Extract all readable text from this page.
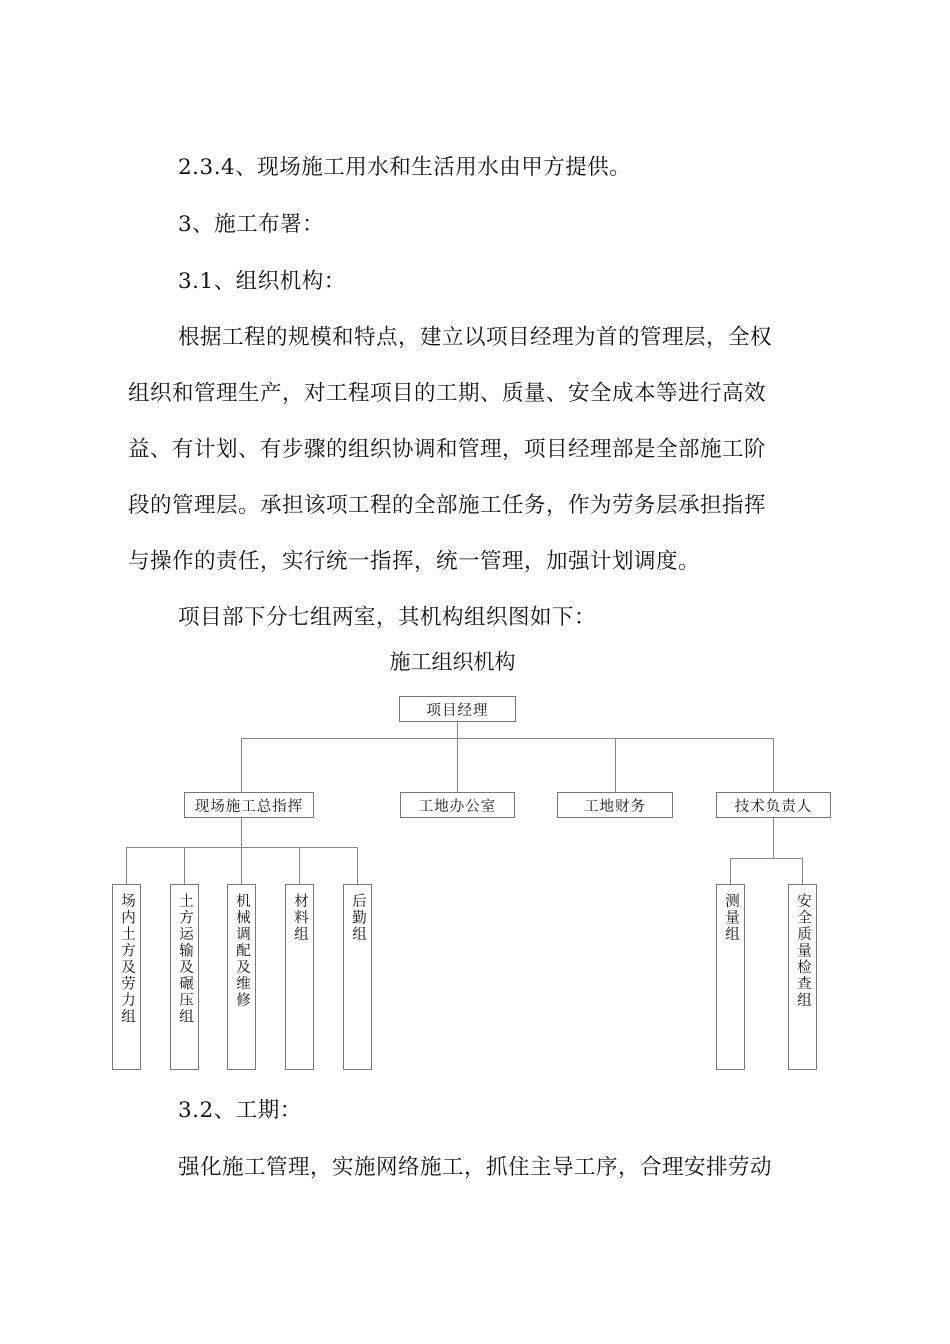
2.3.4、现场施工用水和生活用水由甲方提供。
3、施工布署：
3.1、组织机构：
根据工程的规模和特点，建立以项目经理为首的管理层，全权
组织和管理生产，对工程项目的工期、质量、安全成本等进行高效
益、有计划、有步骤的组织协调和管理，项目经理部是全部施工阶
段的管理层。承担该项工程的全部施工任务，作为劳务层承担指挥
与操作的责任，实行统一指挥，统一管理，加强计划调度。
项目部下分七组两室，其机构组织图如下：
施工组织机构
项目经理
现场施工总指挥	工地办公室	工地财务	技术负责人
场内土方及劳力组	土方运输及碾压组	机械调配及维修	材料组	后勤组	测量组	安全质量检查组
3.2、工期：
强化施工管理，实施网络施工，抓住主导工序，合理安排劳动
